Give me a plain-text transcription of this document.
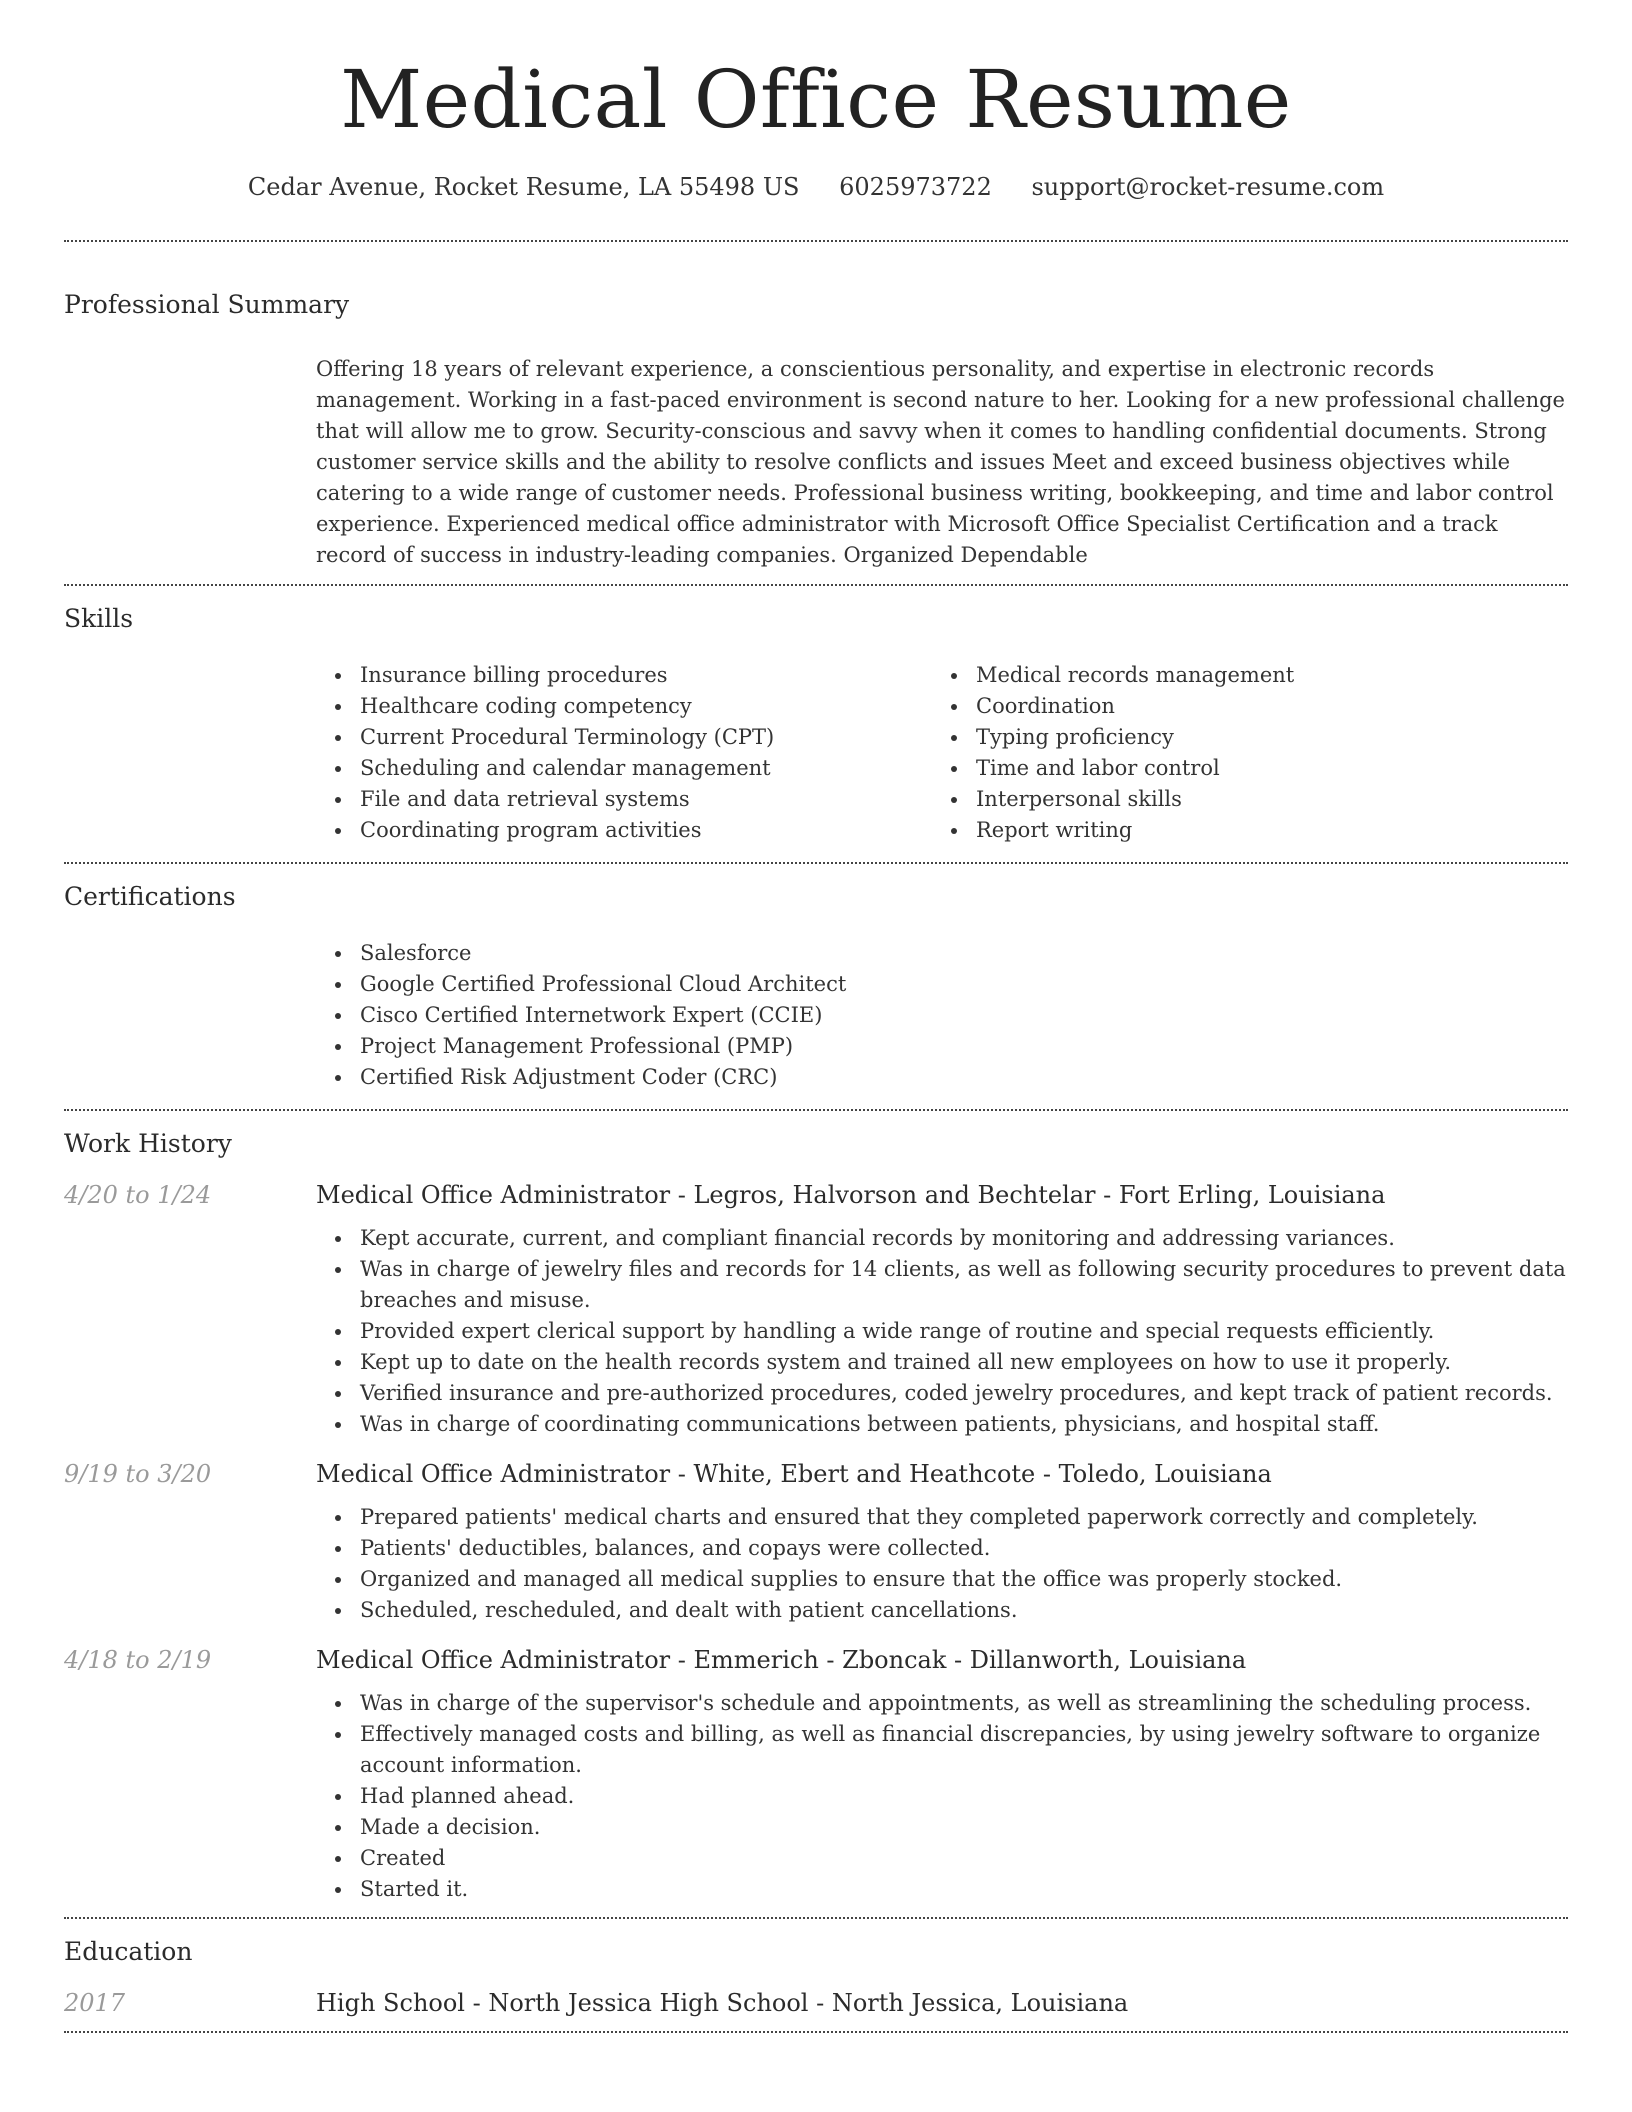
Medical Office Resume
Cedar Avenue, Rocket Resume, LA 55498 US 6025973722 support@rocket-resume.com
Professional Summary

Offering 18 years of relevant experience, a conscientious personality, and expertise in electronic records management. Working in a fast-paced environment is second nature to her. Looking for a new professional challenge that will allow me to grow. Security-conscious and savvy when it comes to handling confidential documents. Strong customer service skills and the ability to resolve conflicts and issues Meet and exceed business objectives while catering to a wide range of customer needs. Professional business writing, bookkeeping, and time and labor control experience. Experienced medical office administrator with Microsoft Office Specialist Certification and a track record of success in industry-leading companies. Organized Dependable

Skills
Insurance billing procedures
Healthcare coding competency
Current Procedural Terminology (CPT)
Scheduling and calendar management
File and data retrieval systems
Coordinating program activities
Medical records management
Coordination
Typing proficiency
Time and labor control
Interpersonal skills
Report writing
Certifications
Salesforce
Google Certified Professional Cloud Architect
Cisco Certified Internetwork Expert (CCIE)
Project Management Professional (PMP)
Certified Risk Adjustment Coder (CRC)
Work History
4/20 to 1/24	Medical Office Administrator - Legros, Halvorson and Bechtelar - Fort Erling, Louisiana
Kept accurate, current, and compliant financial records by monitoring and addressing variances.
Was in charge of jewelry files and records for 14 clients, as well as following security procedures to prevent data breaches and misuse.
Provided expert clerical support by handling a wide range of routine and special requests efficiently.
Kept up to date on the health records system and trained all new employees on how to use it properly.
Verified insurance and pre-authorized procedures, coded jewelry procedures, and kept track of patient records.
Was in charge of coordinating communications between patients, physicians, and hospital staff.
9/19 to 3/20	Medical Office Administrator - White, Ebert and Heathcote - Toledo, Louisiana
Prepared patients' medical charts and ensured that they completed paperwork correctly and completely.
Patients' deductibles, balances, and copays were collected.
Organized and managed all medical supplies to ensure that the office was properly stocked.
Scheduled, rescheduled, and dealt with patient cancellations.
4/18 to 2/19	Medical Office Administrator - Emmerich - Zboncak - Dillanworth, Louisiana
Was in charge of the supervisor's schedule and appointments, as well as streamlining the scheduling process.
Effectively managed costs and billing, as well as financial discrepancies, by using jewelry software to organize account information.
Had planned ahead.
Made a decision.
Created
Started it.
Education
2017	High School - North Jessica High School - North Jessica, Louisiana
